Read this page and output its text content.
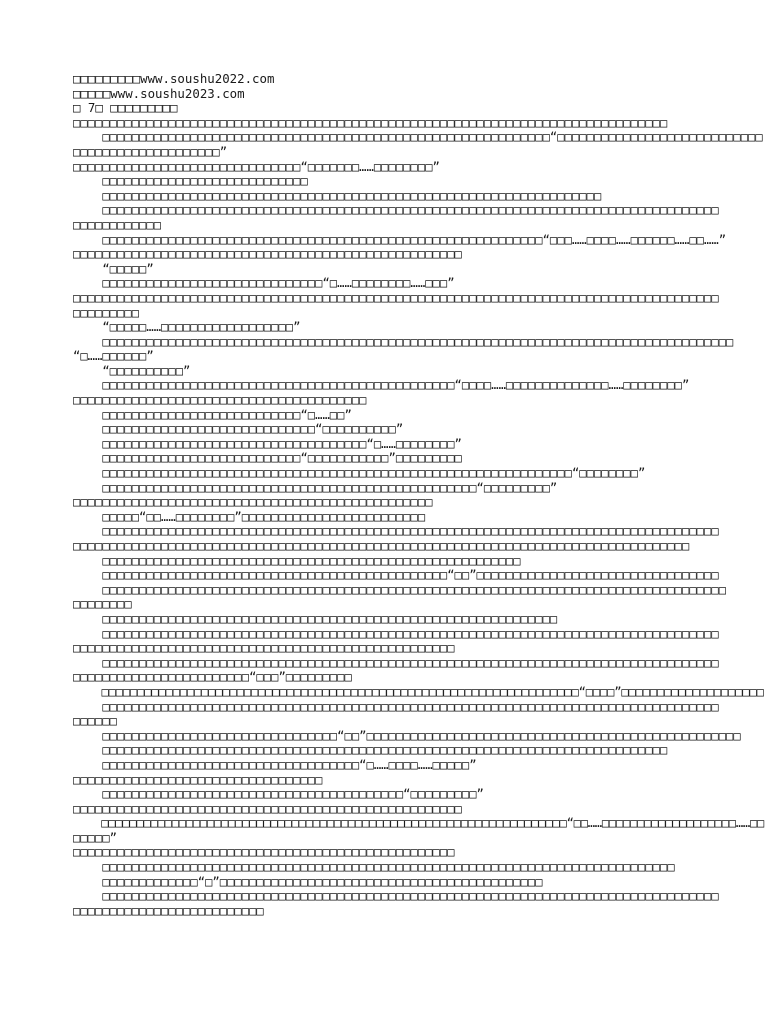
□□□□□□□□□www.soushu2022.com
□□□□□www.soushu2023.com
□ 7□ □□□□□□□□□
□□□□□□□□□□□□□□□□□□□□□□□□□□□□□□□□□□□□□□□□□□□□□□□□□□□□□□□□□□□□□□□□□□□□□□□□□□□□□□□□□
□□□□□□□□□□□□□□□□□□□□□□□□□□□□□□□□□□□□□□□□□□□□□□□□□□□□□□□□□□□□□“□□□□□□□□□□□□□□□□□□□□□□□□□□□□
□□□□□□□□□□□□□□□□□□□□”
□□□□□□□□□□□□□□□□□□□□□□□□□□□□□□□“□□□□□□□……□□□□□□□□”
□□□□□□□□□□□□□□□□□□□□□□□□□□□□
□□□□□□□□□□□□□□□□□□□□□□□□□□□□□□□□□□□□□□□□□□□□□□□□□□□□□□□□□□□□□□□□□□□□
□□□□□□□□□□□□□□□□□□□□□□□□□□□□□□□□□□□□□□□□□□□□□□□□□□□□□□□□□□□□□□□□□□□□□□□□□□□□□□□□□□□□
□□□□□□□□□□□□
□□□□□□□□□□□□□□□□□□□□□□□□□□□□□□□□□□□□□□□□□□□□□□□□□□□□□□□□□□□□“□□□……□□□□……□□□□□□……□□……”
□□□□□□□□□□□□□□□□□□□□□□□□□□□□□□□□□□□□□□□□□□□□□□□□□□□□□
“□□□□□”
□□□□□□□□□□□□□□□□□□□□□□□□□□□□□□“□……□□□□□□□□……□□□”
□□□□□□□□□□□□□□□□□□□□□□□□□□□□□□□□□□□□□□□□□□□□□□□□□□□□□□□□□□□□□□□□□□□□□□□□□□□□□□□□□□□□□□□□
□□□□□□□□□
“□□□□□……□□□□□□□□□□□□□□□□□□”
□□□□□□□□□□□□□□□□□□□□□□□□□□□□□□□□□□□□□□□□□□□□□□□□□□□□□□□□□□□□□□□□□□□□□□□□□□□□□□□□□□□□□□
“□……□□□□□□”
“□□□□□□□□□□”
□□□□□□□□□□□□□□□□□□□□□□□□□□□□□□□□□□□□□□□□□□□□□□□□“□□□□……□□□□□□□□□□□□□□……□□□□□□□□”
□□□□□□□□□□□□□□□□□□□□□□□□□□□□□□□□□□□□□□□□
□□□□□□□□□□□□□□□□□□□□□□□□□□□“□……□□”
□□□□□□□□□□□□□□□□□□□□□□□□□□□□□“□□□□□□□□□□”
□□□□□□□□□□□□□□□□□□□□□□□□□□□□□□□□□□□□“□……□□□□□□□□”
□□□□□□□□□□□□□□□□□□□□□□□□□□□“□□□□□□□□□□□”□□□□□□□□□
□□□□□□□□□□□□□□□□□□□□□□□□□□□□□□□□□□□□□□□□□□□□□□□□□□□□□□□□□□□□□□□□“□□□□□□□□”
□□□□□□□□□□□□□□□□□□□□□□□□□□□□□□□□□□□□□□□□□□□□□□□□□□□“□□□□□□□□□”
□□□□□□□□□□□□□□□□□□□□□□□□□□□□□□□□□□□□□□□□□□□□□□□□□
□□□□□“□□……□□□□□□□□”□□□□□□□□□□□□□□□□□□□□□□□□□
□□□□□□□□□□□□□□□□□□□□□□□□□□□□□□□□□□□□□□□□□□□□□□□□□□□□□□□□□□□□□□□□□□□□□□□□□□□□□□□□□□□□
□□□□□□□□□□□□□□□□□□□□□□□□□□□□□□□□□□□□□□□□□□□□□□□□□□□□□□□□□□□□□□□□□□□□□□□□□□□□□□□□□□□□
□□□□□□□□□□□□□□□□□□□□□□□□□□□□□□□□□□□□□□□□□□□□□□□□□□□□□□□□□
□□□□□□□□□□□□□□□□□□□□□□□□□□□□□□□□□□□□□□□□□□□□□□□“□□”□□□□□□□□□□□□□□□□□□□□□□□□□□□□□□□□□
□□□□□□□□□□□□□□□□□□□□□□□□□□□□□□□□□□□□□□□□□□□□□□□□□□□□□□□□□□□□□□□□□□□□□□□□□□□□□□□□□□□□□
□□□□□□□□
□□□□□□□□□□□□□□□□□□□□□□□□□□□□□□□□□□□□□□□□□□□□□□□□□□□□□□□□□□□□□□
□□□□□□□□□□□□□□□□□□□□□□□□□□□□□□□□□□□□□□□□□□□□□□□□□□□□□□□□□□□□□□□□□□□□□□□□□□□□□□□□□□□□
□□□□□□□□□□□□□□□□□□□□□□□□□□□□□□□□□□□□□□□□□□□□□□□□□□□□
□□□□□□□□□□□□□□□□□□□□□□□□□□□□□□□□□□□□□□□□□□□□□□□□□□□□□□□□□□□□□□□□□□□□□□□□□□□□□□□□□□□□
□□□□□□□□□□□□□□□□□□□□□□□□“□□□”□□□□□□□□□
□□□□□□□□□□□□□□□□□□□□□□□□□□□□□□□□□□□□□□□□□□□□□□□□□□□□□□□□□□□□□□□□□□□“□□□□”□□□□□□□□□□□□□□□□□□□□
□□□□□□□□□□□□□□□□□□□□□□□□□□□□□□□□□□□□□□□□□□□□□□□□□□□□□□□□□□□□□□□□□□□□□□□□□□□□□□□□□□□□
□□□□□□
□□□□□□□□□□□□□□□□□□□□□□□□□□□□□□□□“□□”□□□□□□□□□□□□□□□□□□□□□□□□□□□□□□□□□□□□□□□□□□□□□□□□□□□
□□□□□□□□□□□□□□□□□□□□□□□□□□□□□□□□□□□□□□□□□□□□□□□□□□□□□□□□□□□□□□□□□□□□□□□□□□□□□
□□□□□□□□□□□□□□□□□□□□□□□□□□□□□□□□□□□“□……□□□□……□□□□□”
□□□□□□□□□□□□□□□□□□□□□□□□□□□□□□□□□□
□□□□□□□□□□□□□□□□□□□□□□□□□□□□□□□□□□□□□□□□□“□□□□□□□□□”
□□□□□□□□□□□□□□□□□□□□□□□□□□□□□□□□□□□□□□□□□□□□□□□□□□□□□
□□□□□□□□□□□□□□□□□□□□□□□□□□□□□□□□□□□□□□□□□□□□□□□□□□□□□□□□□□□□□□□□□□“□□……□□□□□□□□□□□□□□□□□□□……□□
□□□□□”
□□□□□□□□□□□□□□□□□□□□□□□□□□□□□□□□□□□□□□□□□□□□□□□□□□□□
□□□□□□□□□□□□□□□□□□□□□□□□□□□□□□□□□□□□□□□□□□□□□□□□□□□□□□□□□□□□□□□□□□□□□□□□□□□□□□
□□□□□□□□□□□□□“□”□□□□□□□□□□□□□□□□□□□□□□□□□□□□□□□□□□□□□□□□□□□□
□□□□□□□□□□□□□□□□□□□□□□□□□□□□□□□□□□□□□□□□□□□□□□□□□□□□□□□□□□□□□□□□□□□□□□□□□□□□□□□□□□□□
□□□□□□□□□□□□□□□□□□□□□□□□□□
